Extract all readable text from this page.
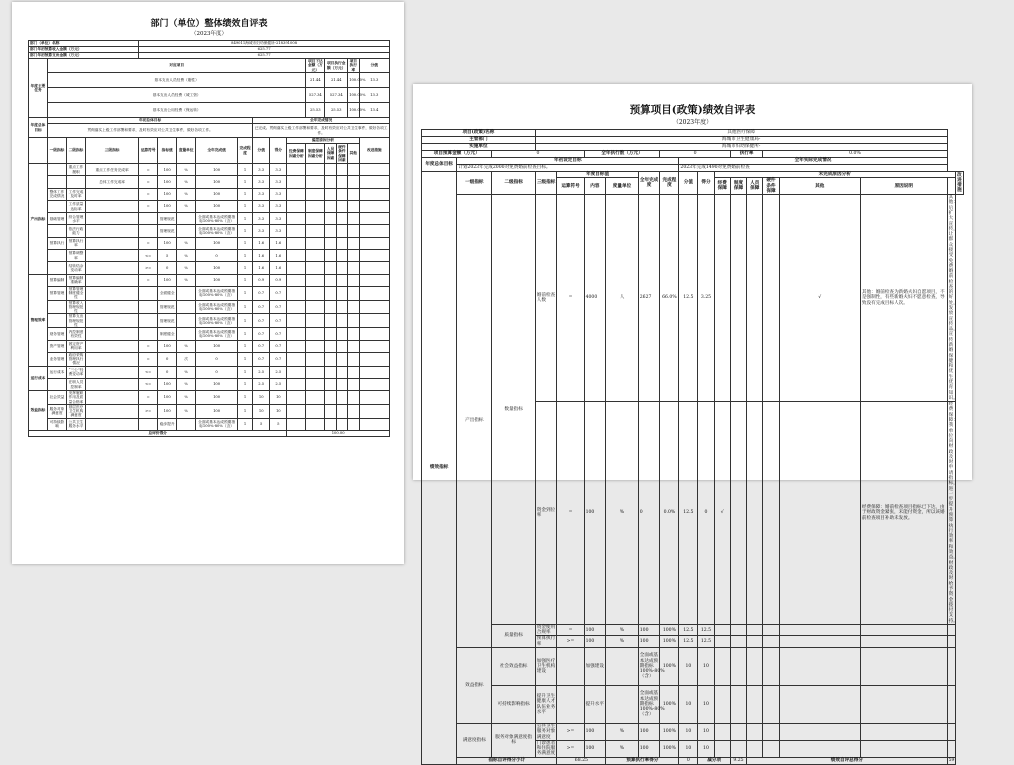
部门（单位）整体绩效自评表
（2023年度）
部门（单位）名称				849011海城市妇幼保健所-218391008												
部门年初预算收入金额（万元）				625.77												
部门年初预算支出金额（万元）				625.77												
年度主要任务	对应项目											项目下达金额（万元）	项目执行金额（万元）		项目执行率	分值
	基本支出人员经费（刚性）											21.44	21.44		100.00%	13.3
	基本支出人员经费（城工资）											527.34	527.34		100.00%	13.3
	基本支出公用经费（保运转）											25.53	25.53		100.00%	13.4
年度总体目标	年初总体目标								全年完成情况							
	贯彻落实上级工作部署和要求，及时有效应对公共卫生事件，做好各项工作。								已完成。贯彻落实上级工作部署和要求，及时有效应对公共卫生事件，做好各项工作。							
	一级指标	二级指标	三级指标	运算符号	指标值	度量单位	全年完成值	完成程度	分值	得分	偏差原因分析					改进措施
											经费保障因素分析	制度保障因素分析	人员保障因素	硬件条件保障因素	其他	
产出指标		重点工作履职	重点工作任务完成率	=	100	%	100	1	3.3	3.3						
			总体工作完成率	=	100	%	100	1	3.3	3.3						
	整体工作完成情况	工作完成及时率		=	100	%	100	1	3.3	3.3						
		工作质量达标率		=	100	%	100	1	3.3	3.3						
	基础管理	综合管理水平			管理规范		全面或基本达成预期指标100%-80%（含）	1	3.3	3.3						
		依法行政能力			管理规范		全面或基本达成预期指标100%-80%（含）	1	3.3	3.3						
	预算执行	预算执行率		=	100	%	100	1	1.6	1.6						
		预算调整率		<=	5	%	0	1	1.6	1.6						
		结转结余变动率		>=	0	%	100	1	1.6	1.6						
管理效率	预算编制	预算编制准确率		=	100	%	100	1	0.9	0.9						
	预算管理	预算管理制度健全性			全面健全		全面或基本达成预期指标100%-80%（含）	1	0.7	0.7						
		预算收入管理规范性			管理规范		全面或基本达成预期指标100%-80%（含）	1	0.7	0.7						
		预算支出管理规范性			管理规范		全面或基本达成预期指标100%-80%（含）	1	0.7	0.7						
	财务管理	内控制度有效性			制度健全		全面或基本达成预期指标100%-80%（含）	1	0.7	0.7						
	资产管理	固定资产利用率		=	100	%	100	1	0.7	0.7						
	业务管理	政府采购管理执行情况		=	0	次	0	1	0.7	0.7						
运行成本	运行成本	“三公”经费变动率		<=	0	%	0	1	2.5	2.5						
		在职人员控制率		<=	100	%	100	1	2.5	2.5						
效益指标	社会效益	发挥履职作用及质量合格率		=	100	%	100	1	10	10						
	服务对象满意度	基层医疗卫生机构满意度		>=	100	%	100	1	10	10						
	可持续影响	公共卫生服务水平			稳步提升		全面或基本达成预期指标100%-80%（含）	1	5	5						
总评价得分											100.00					
预算项目(政策)绩效自评表
（2023年度）
项目(政策)名称			其他医疗保障															
主管部门			海城市卫生健康局-															
实施单位			海城市妇幼保健所-															
项目预算金额（万元）		0			全年执行数（万元）			0				执行率		0.0%				
年度总体目标	年初设定目标								全年实际完成情况									
	计划2023年完成2000对免费婚前检查目标。								2023年完成1490对免费婚前检查									
绩效指标	一级指标	二级指标	三级指标	年度目标值			全年完成度	完成程度	分值	得分	未完成原因分析							改进措施
				运算符号	内容	度量单位					经费保障	制度保障	人员保障	硬件条件保障	其他	原因说明		

	产出指标	数量指标	婚前检查人数	=	4000	人	2627	66.0%	12.5	3.25					√	其他：婚前检查为新婚夫妇自愿项目，不是强制性，有些新婚夫妇不愿意检查，导致没有完成目标人次。	其他：后扩大宣传，让群众接受免费婚前检查的好处，发放宣传品，宣传新婚保健和优生优育知识。	
			资金到位率	=	100	%	0	0.0%	12.5	0	√					经费保障：婚前检查项目指标已下达，由于财政资金紧张，未能付资金，所以该婚前检查项目补助未发放。	经费保障：我单位向财政及时申请指标，进一步提升预算执行效率和效益，财政及时给予资金拨付支持。	
		质量指标	资金使用合规率	=	100	%	100	100%	12.5	12.5								
			预算执行率	>=	100	%	100	100%	12.5	12.5								
	效益指标	社会效益指标	加强医疗卫生机构建设		加强建设		全面或基本达成预期指标100%-80%（含）	100%	10	10								
		可持续影响指标	提升卫生健康人才队伍业务水平		提升水平		全面或基本达成预期指标100%-80%（含）	100%	10	10								
	满意度指标	服务对象满意度指标	公共卫生服务对象满意度	>=	100	%	100	100%	10	10								
			门诊患者和住院服务满意度	>=	100	%	100	100%	10	10								
	指标自评得分小计			68.25		预算执行率得分			0	减分项		9.25	绩效自评总得分				59	
